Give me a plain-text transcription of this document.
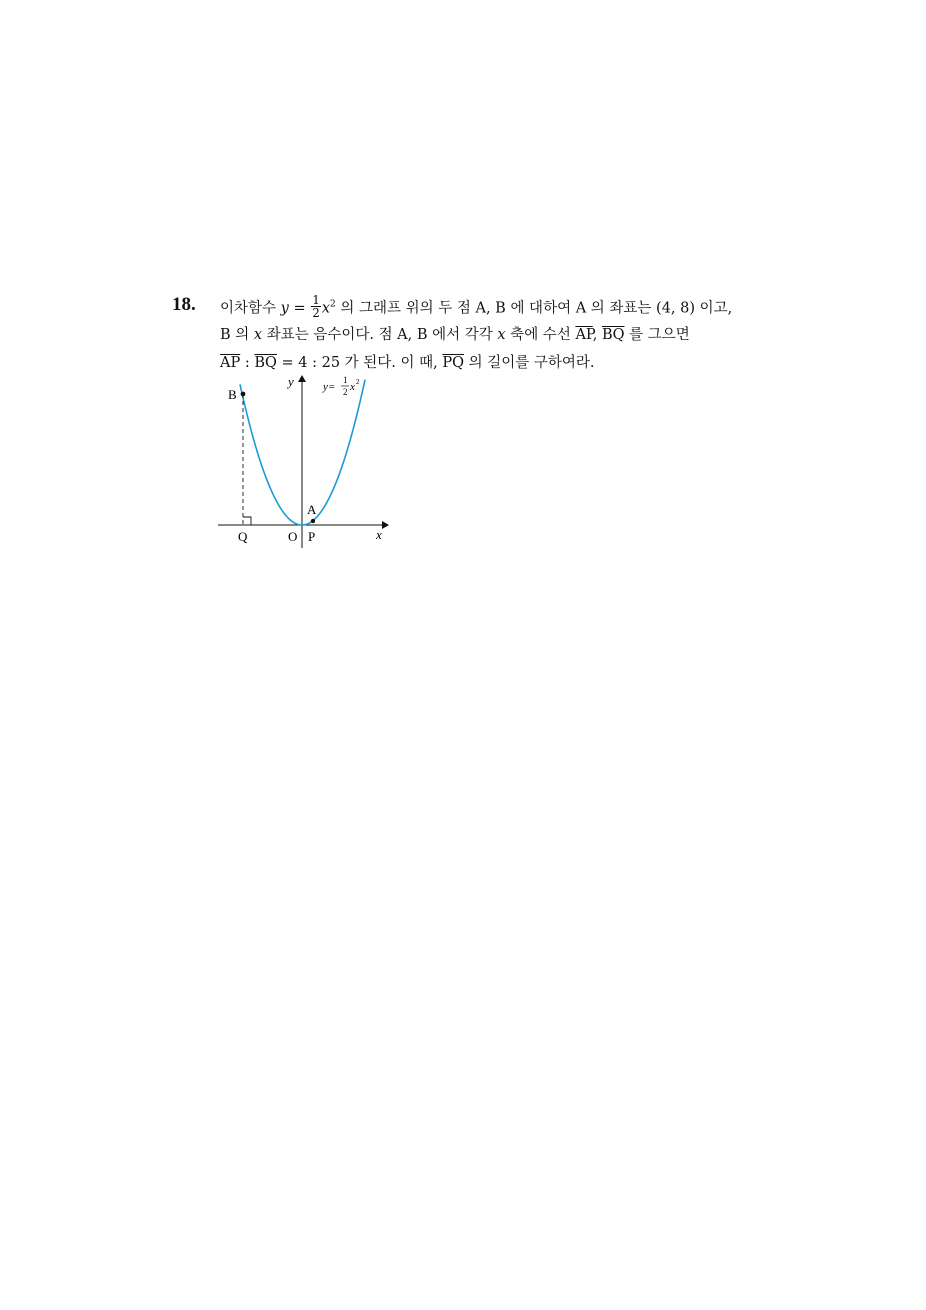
18. 이차함수 $y = \frac{1}{2} x^2$ 의 그래프 위의 두 점 A, B 에 대하여 A 의 좌표는 (4, 8) 이고,
B 의 x 좌표는 음수이다. 점 A, B 에서 각각 x 축에 수선 $\overline{AP}$, $\overline{BQ}$ 를 그으면
$\overline{AP}$ : $\overline{BQ} = 4$ : 25 가 된다. 이 때, $\overline{PQ}$ 의 길이를 구하여라.
B
A
Q	O P	x
y	y=
1
2 x 2
